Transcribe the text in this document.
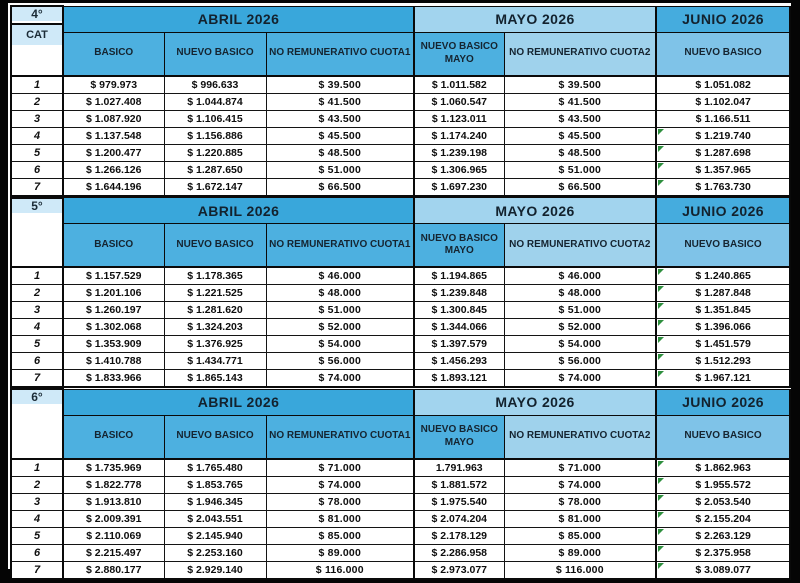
4°
CAT	ABRIL 2026			MAYO 2026		JUNIO 2026
	BASICO	NUEVO BASICO	NO REMUNERATIVO CUOTA1	NUEVO BASICO MAYO	NO REMUNERATIVO CUOTA2	NUEVO BASICO
1	$ 979.973	$ 996.633	$ 39.500	$ 1.011.582	$ 39.500	$ 1.051.082
2	$ 1.027.408	$ 1.044.874	$ 41.500	$ 1.060.547	$ 41.500	$ 1.102.047
3	$ 1.087.920	$ 1.106.415	$ 43.500	$ 1.123.011	$ 43.500	$ 1.166.511
4	$ 1.137.548	$ 1.156.886	$ 45.500	$ 1.174.240	$ 45.500	$ 1.219.740
5	$ 1.200.477	$ 1.220.885	$ 48.500	$ 1.239.198	$ 48.500	$ 1.287.698
6	$ 1.266.126	$ 1.287.650	$ 51.000	$ 1.306.965	$ 51.000	$ 1.357.965
7	$ 1.644.196	$ 1.672.147	$ 66.500	$ 1.697.230	$ 66.500	$ 1.763.730
5°	ABRIL 2026			MAYO 2026		JUNIO 2026
	BASICO	NUEVO BASICO	NO REMUNERATIVO CUOTA1	NUEVO BASICO MAYO	NO REMUNERATIVO CUOTA2	NUEVO BASICO
1	$ 1.157.529	$ 1.178.365	$ 46.000	$ 1.194.865	$ 46.000	$ 1.240.865
2	$ 1.201.106	$ 1.221.525	$ 48.000	$ 1.239.848	$ 48.000	$ 1.287.848
3	$ 1.260.197	$ 1.281.620	$ 51.000	$ 1.300.845	$ 51.000	$ 1.351.845
4	$ 1.302.068	$ 1.324.203	$ 52.000	$ 1.344.066	$ 52.000	$ 1.396.066
5	$ 1.353.909	$ 1.376.925	$ 54.000	$ 1.397.579	$ 54.000	$ 1.451.579
6	$ 1.410.788	$ 1.434.771	$ 56.000	$ 1.456.293	$ 56.000	$ 1.512.293
7	$ 1.833.966	$ 1.865.143	$ 74.000	$ 1.893.121	$ 74.000	$ 1.967.121
6°	ABRIL 2026			MAYO 2026		JUNIO 2026
	BASICO	NUEVO BASICO	NO REMUNERATIVO CUOTA1	NUEVO BASICO MAYO	NO REMUNERATIVO CUOTA2	NUEVO BASICO
1	$ 1.735.969	$ 1.765.480	$ 71.000	1.791.963	$ 71.000	$ 1.862.963
2	$ 1.822.778	$ 1.853.765	$ 74.000	$ 1.881.572	$ 74.000	$ 1.955.572
3	$ 1.913.810	$ 1.946.345	$ 78.000	$ 1.975.540	$ 78.000	$ 2.053.540
4	$ 2.009.391	$ 2.043.551	$ 81.000	$ 2.074.204	$ 81.000	$ 2.155.204
5	$ 2.110.069	$ 2.145.940	$ 85.000	$ 2.178.129	$ 85.000	$ 2.263.129
6	$ 2.215.497	$ 2.253.160	$ 89.000	$ 2.286.958	$ 89.000	$ 2.375.958
7	$ 2.880.177	$ 2.929.140	$ 116.000	$ 2.973.077	$ 116.000	$ 3.089.077
